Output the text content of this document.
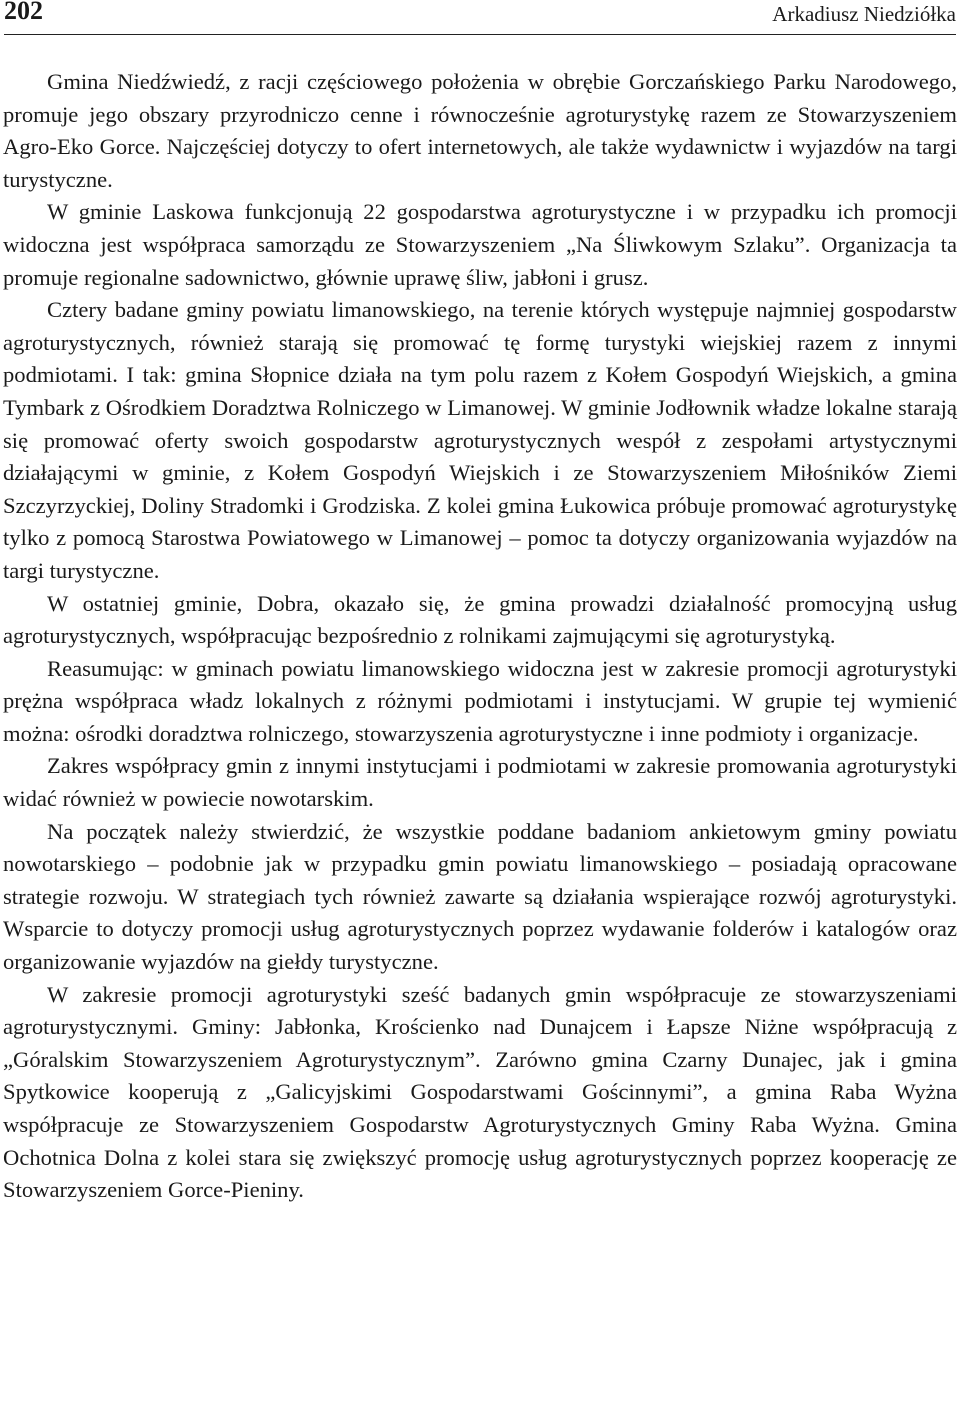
202	Arkadiusz Niedziółka

Gmina Niedźwiedź, z racji częściowego położenia w obrębie Gorczańskiego Parku Narodowego, promuje jego obszary przyrodniczo cenne i równocześnie agroturystykę razem ze Stowarzyszeniem Agro-Eko Gorce. Najczęściej dotyczy to ofert internetowych, ale także wydawnictw i wyjazdów na targi turystyczne.

W gminie Laskowa funkcjonują 22 gospodarstwa agroturystyczne i w przypadku ich promocji widoczna jest współpraca samorządu ze Stowarzyszeniem „Na Śliwkowym Szlaku”. Organizacja ta promuje regionalne sadownictwo, głównie uprawę śliw, jabłoni i grusz.

Cztery badane gminy powiatu limanowskiego, na terenie których występuje najmniej gospodarstw agroturystycznych, również starają się promować tę formę turystyki wiejskiej razem z innymi podmiotami. I tak: gmina Słopnice działa na tym polu razem z Kołem Gospodyń Wiejskich, a gmina Tymbark z Ośrodkiem Doradztwa Rolniczego w Limanowej. W gminie Jodłownik władze lokalne starają się promować oferty swoich gospodarstw agroturystycznych wespół z zespołami artystycznymi działającymi w gminie, z Kołem Gospodyń Wiejskich i ze Stowarzyszeniem Miłośników Ziemi Szczyrzyckiej, Doliny Stradomki i Grodziska. Z kolei gmina Łukowica próbuje promować agroturystykę tylko z pomocą Starostwa Powiatowego w Limanowej – pomoc ta dotyczy organizowania wyjazdów na targi turystyczne.

W ostatniej gminie, Dobra, okazało się, że gmina prowadzi działalność promocyjną usług agroturystycznych, współpracując bezpośrednio z rolnikami zajmującymi się agroturystyką.

Reasumując: w gminach powiatu limanowskiego widoczna jest w zakresie promocji agroturystyki prężna współpraca władz lokalnych z różnymi podmiotami i instytucjami. W grupie tej wymienić można: ośrodki doradztwa rolniczego, stowarzyszenia agroturystyczne i inne podmioty i organizacje.

Zakres współpracy gmin z innymi instytucjami i podmiotami w zakresie promowania agroturystyki widać również w powiecie nowotarskim.

Na początek należy stwierdzić, że wszystkie poddane badaniom ankietowym gminy powiatu nowotarskiego – podobnie jak w przypadku gmin powiatu limanowskiego – posiadają opracowane strategie rozwoju. W strategiach tych również zawarte są działania wspierające rozwój agroturystyki. Wsparcie to dotyczy promocji usług agroturystycznych poprzez wydawanie folderów i katalogów oraz organizowanie wyjazdów na giełdy turystyczne.

W zakresie promocji agroturystyki sześć badanych gmin współpracuje ze stowarzyszeniami agroturystycznymi. Gminy: Jabłonka, Krościenko nad Dunajcem i Łapsze Niżne współpracują z „Góralskim Stowarzyszeniem Agroturystycznym”. Zarówno gmina Czarny Dunajec, jak i gmina Spytkowice kooperują z „Galicyjskimi Gospodarstwami Gościnnymi”, a gmina Raba Wyżna współpracuje ze Stowarzyszeniem Gospodarstw Agroturystycznych Gminy Raba Wyżna. Gmina Ochotnica Dolna z kolei stara się zwiększyć promocję usług agroturystycznych poprzez kooperację ze Stowarzyszeniem Gorce-Pieniny.
